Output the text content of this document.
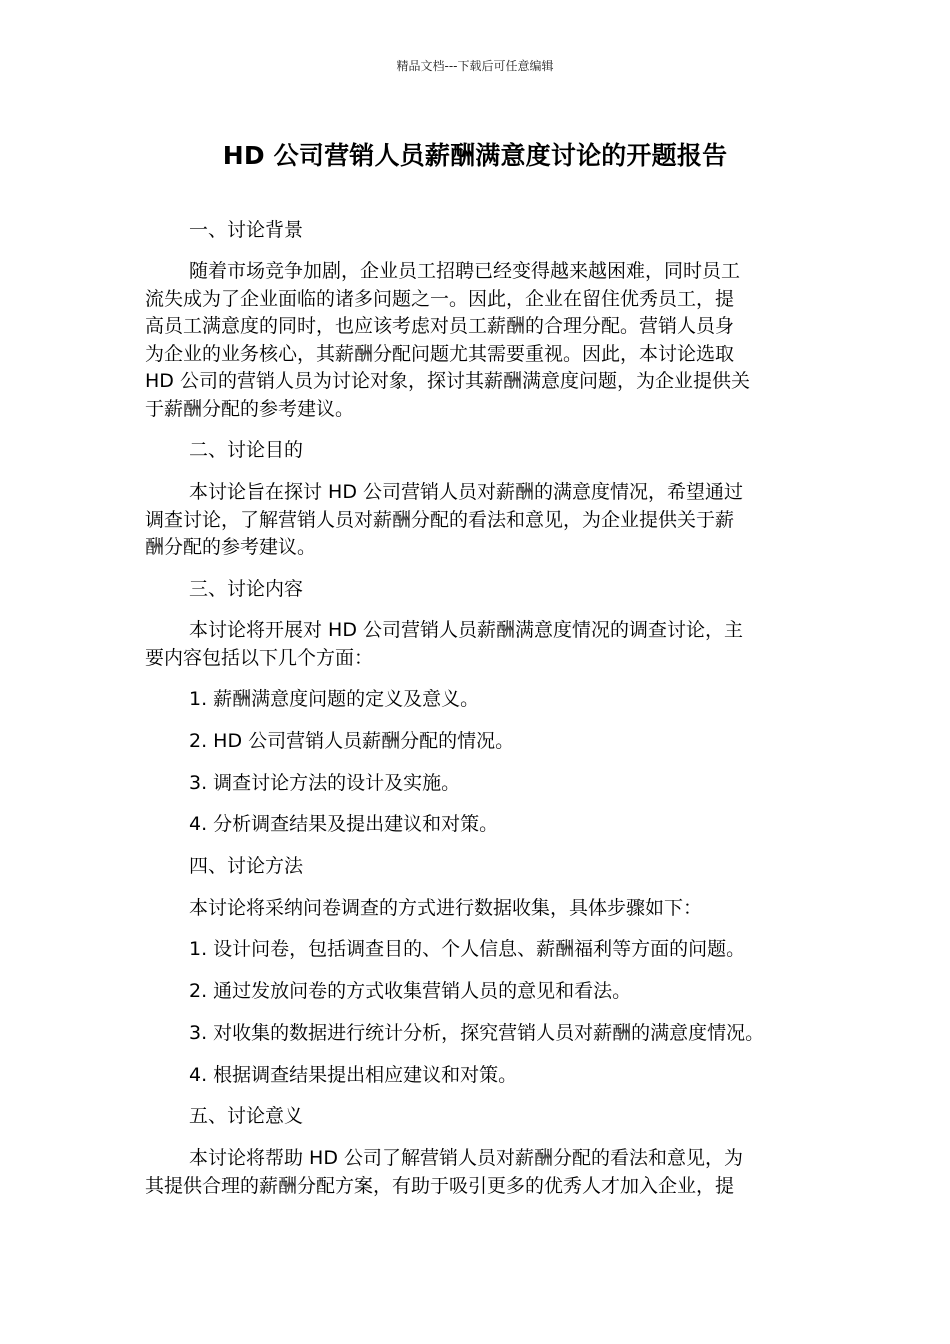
精品文档---下载后可任意编辑
HD 公司营销人员薪酬满意度讨论的开题报告
一、讨论背景
随着市场竞争加剧，企业员工招聘已经变得越来越困难，同时员工
流失成为了企业面临的诸多问题之一。因此，企业在留住优秀员工，提
高员工满意度的同时，也应该考虑对员工薪酬的合理分配。营销人员身
为企业的业务核心，其薪酬分配问题尤其需要重视。因此，本讨论选取
HD 公司的营销人员为讨论对象，探讨其薪酬满意度问题，为企业提供关
于薪酬分配的参考建议。
二、讨论目的
本讨论旨在探讨 HD 公司营销人员对薪酬的满意度情况，希望通过
调查讨论，了解营销人员对薪酬分配的看法和意见，为企业提供关于薪
酬分配的参考建议。
三、讨论内容
本讨论将开展对 HD 公司营销人员薪酬满意度情况的调查讨论，主
要内容包括以下几个方面：
1. 薪酬满意度问题的定义及意义。
2. HD 公司营销人员薪酬分配的情况。
3. 调查讨论方法的设计及实施。
4. 分析调查结果及提出建议和对策。
四、讨论方法
本讨论将采纳问卷调查的方式进行数据收集，具体步骤如下：
1. 设计问卷，包括调查目的、个人信息、薪酬福利等方面的问题。
2. 通过发放问卷的方式收集营销人员的意见和看法。
3. 对收集的数据进行统计分析，探究营销人员对薪酬的满意度情况。
4. 根据调查结果提出相应建议和对策。
五、讨论意义
本讨论将帮助 HD 公司了解营销人员对薪酬分配的看法和意见，为
其提供合理的薪酬分配方案，有助于吸引更多的优秀人才加入企业，提
